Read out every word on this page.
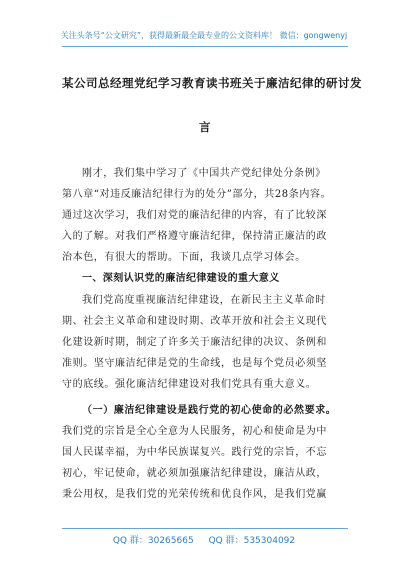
关注头条号“公文研究”，获得最新最全最专业的公文资料库！ 微信：gongwenyj
某公司总经理党纪学习教育读书班关于廉洁纪律的研讨发
言
刚才，我们集中学习了《中国共产党纪律处分条例》
第八章“对违反廉洁纪律行为的处分”部分，共28条内容。
通过这次学习，我们对党的廉洁纪律的内容，有了比较深
入的了解。对我们严格遵守廉洁纪律，保持清正廉洁的政
治本色，有很大的帮助。下面，我谈几点学习体会。
一、深刻认识党的廉洁纪律建设的重大意义
我们党高度重视廉洁纪律建设，在新民主主义革命时
期、社会主义革命和建设时期、改革开放和社会主义现代
化建设新时期，制定了许多关于廉洁纪律的决议、条例和
准则。坚守廉洁纪律是党的生命线，也是每个党员必须坚
守的底线。强化廉洁纪律建设对我们党具有重大意义。
（一）廉洁纪律建设是践行党的初心使命的必然要求。
我们党的宗旨是全心全意为人民服务，初心和使命是为中
国人民谋幸福，为中华民族谋复兴。践行党的宗旨，不忘
初心，牢记使命，就必须加强廉洁纪律建设，廉洁从政，
秉公用权，是我们党的光荣传统和优良作风，是我们党赢
QQ 群：30265665 QQ 群：535304092
